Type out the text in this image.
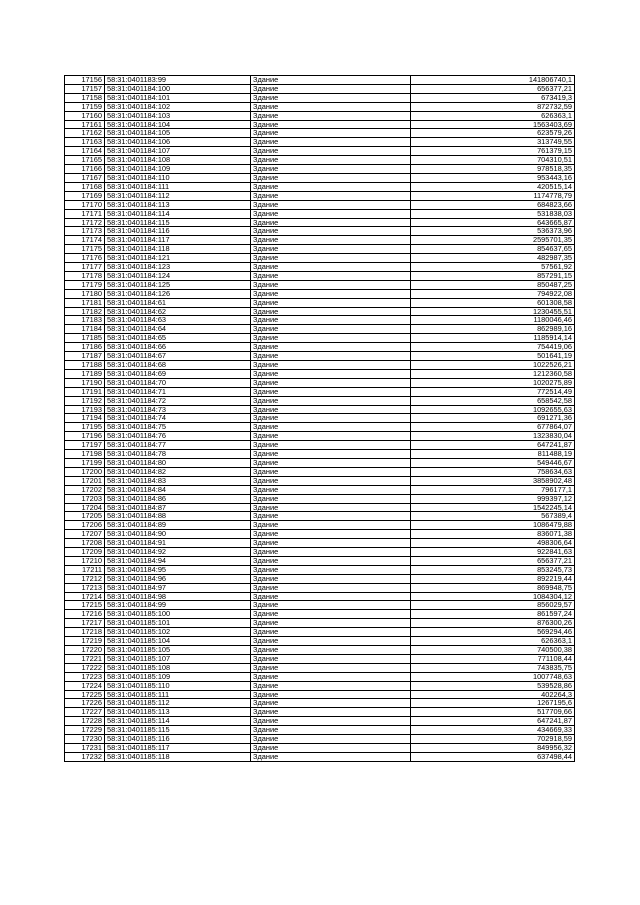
17156	58:31:0401183:99	Здание	141806740,1
17157	58:31:0401184:100	Здание	656377,21
17158	58:31:0401184:101	Здание	673419,3
17159	58:31:0401184:102	Здание	872732,59
17160	58:31:0401184:103	Здание	626363,1
17161	58:31:0401184:104	Здание	1563403,69
17162	58:31:0401184:105	Здание	623579,26
17163	58:31:0401184:106	Здание	313749,55
17164	58:31:0401184:107	Здание	761379,15
17165	58:31:0401184:108	Здание	704310,51
17166	58:31:0401184:109	Здание	978518,35
17167	58:31:0401184:110	Здание	953443,16
17168	58:31:0401184:111	Здание	420515,14
17169	58:31:0401184:112	Здание	1174778,79
17170	58:31:0401184:113	Здание	684823,66
17171	58:31:0401184:114	Здание	531838,03
17172	58:31:0401184:115	Здание	643665,87
17173	58:31:0401184:116	Здание	536373,96
17174	58:31:0401184:117	Здание	2595701,35
17175	58:31:0401184:118	Здание	854637,65
17176	58:31:0401184:121	Здание	482987,35
17177	58:31:0401184:123	Здание	57561,92
17178	58:31:0401184:124	Здание	857291,15
17179	58:31:0401184:125	Здание	850487,25
17180	58:31:0401184:126	Здание	794922,08
17181	58:31:0401184:61	Здание	601308,58
17182	58:31:0401184:62	Здание	1230455,51
17183	58:31:0401184:63	Здание	1180046,46
17184	58:31:0401184:64	Здание	862989,16
17185	58:31:0401184:65	Здание	1185914,14
17186	58:31:0401184:66	Здание	754419,06
17187	58:31:0401184:67	Здание	501641,19
17188	58:31:0401184:68	Здание	1022526,21
17189	58:31:0401184:69	Здание	1212360,58
17190	58:31:0401184:70	Здание	1020275,89
17191	58:31:0401184:71	Здание	772514,49
17192	58:31:0401184:72	Здание	658542,58
17193	58:31:0401184:73	Здание	1092655,63
17194	58:31:0401184:74	Здание	691271,36
17195	58:31:0401184:75	Здание	677864,07
17196	58:31:0401184:76	Здание	1323830,04
17197	58:31:0401184:77	Здание	647241,87
17198	58:31:0401184:78	Здание	811488,19
17199	58:31:0401184:80	Здание	549446,67
17200	58:31:0401184:82	Здание	758634,63
17201	58:31:0401184:83	Здание	3858902,48
17202	58:31:0401184:84	Здание	796177,1
17203	58:31:0401184:86	Здание	999397,12
17204	58:31:0401184:87	Здание	1542245,14
17205	58:31:0401184:88	Здание	567389,4
17206	58:31:0401184:89	Здание	1086479,88
17207	58:31:0401184:90	Здание	836071,38
17208	58:31:0401184:91	Здание	498306,64
17209	58:31:0401184:92	Здание	922841,63
17210	58:31:0401184:94	Здание	656377,21
17211	58:31:0401184:95	Здание	853245,73
17212	58:31:0401184:96	Здание	892219,44
17213	58:31:0401184:97	Здание	869948,75
17214	58:31:0401184:98	Здание	1084304,12
17215	58:31:0401184:99	Здание	856029,57
17216	58:31:0401185:100	Здание	861597,24
17217	58:31:0401185:101	Здание	876300,26
17218	58:31:0401185:102	Здание	569294,46
17219	58:31:0401185:104	Здание	626363,1
17220	58:31:0401185:105	Здание	740500,38
17221	58:31:0401185:107	Здание	771108,44
17222	58:31:0401185:108	Здание	743835,75
17223	58:31:0401185:109	Здание	1007748,63
17224	58:31:0401185:110	Здание	539528,86
17225	58:31:0401185:111	Здание	402264,3
17226	58:31:0401185:112	Здание	1267195,6
17227	58:31:0401185:113	Здание	517709,66
17228	58:31:0401185:114	Здание	647241,87
17229	58:31:0401185:115	Здание	434669,33
17230	58:31:0401185:116	Здание	702918,59
17231	58:31:0401185:117	Здание	849956,32
17232	58:31:0401185:118	Здание	637498,44
